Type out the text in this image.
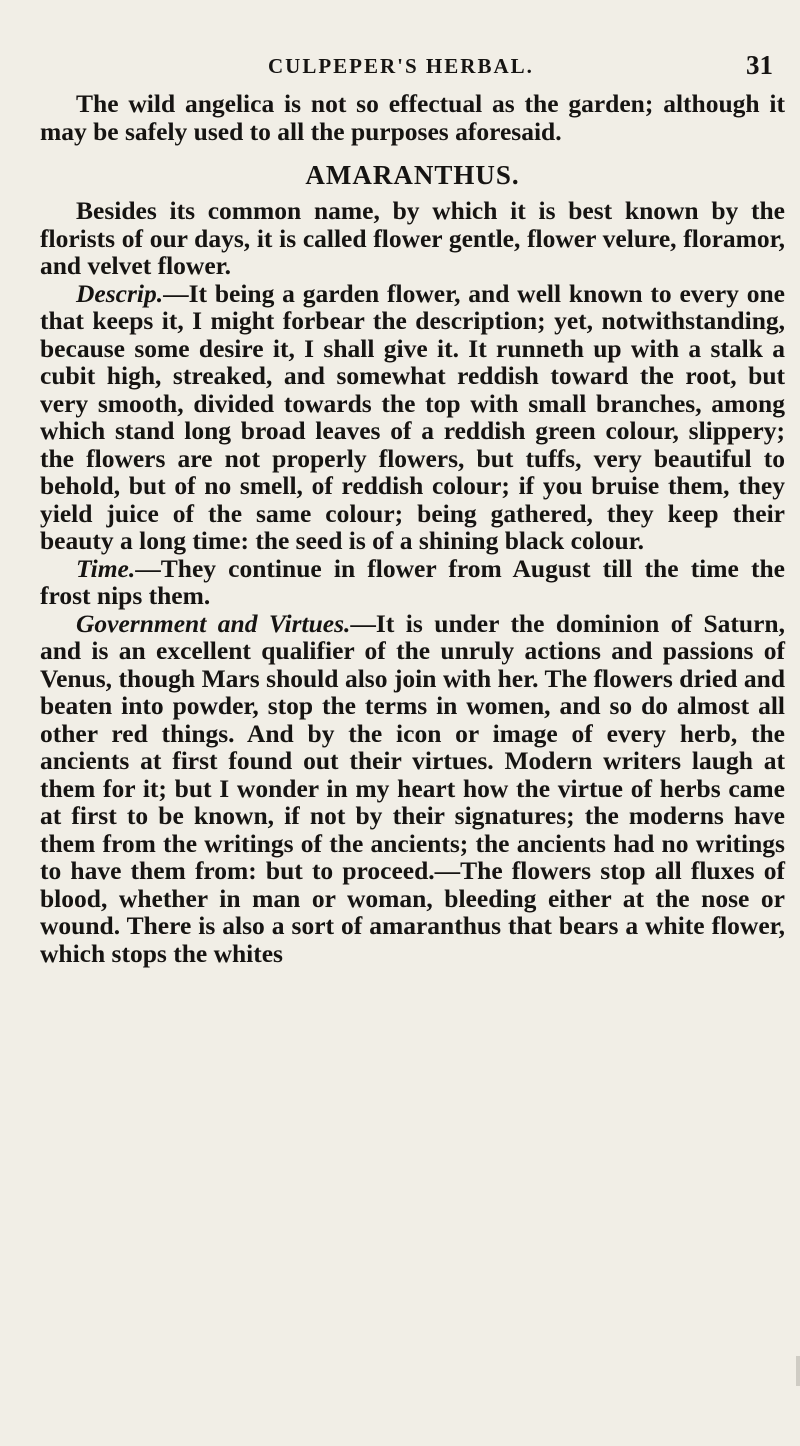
CULPEPER'S HERBAL.	31

The wild angelica is not so effectual as the garden; although it may be safely used to all the purposes aforesaid.

AMARANTHUS.

Besides its common name, by which it is best known by the florists of our days, it is called flower gentle, flower velure, floramor, and velvet flower.

Descrip.—It being a garden flower, and well known to every one that keeps it, I might forbear the description; yet, notwithstanding, because some desire it, I shall give it. It runneth up with a stalk a cubit high, streaked, and somewhat reddish toward the root, but very smooth, divided towards the top with small branches, among which stand long broad leaves of a reddish green colour, slippery; the flowers are not properly flowers, but tuffs, very beautiful to behold, but of no smell, of reddish colour; if you bruise them, they yield juice of the same colour; being gathered, they keep their beauty a long time: the seed is of a shining black colour.

Time.—They continue in flower from August till the time the frost nips them.

Government and Virtues.—It is under the dominion of Saturn, and is an excellent qualifier of the unruly actions and passions of Venus, though Mars should also join with her. The flowers dried and beaten into powder, stop the terms in women, and so do almost all other red things. And by the icon or image of every herb, the ancients at first found out their virtues. Modern writers laugh at them for it; but I wonder in my heart how the virtue of herbs came at first to be known, if not by their signatures; the moderns have them from the writings of the ancients; the ancients had no writings to have them from: but to proceed.—The flowers stop all fluxes of blood, whether in man or woman, bleeding either at the nose or wound. There is also a sort of amaranthus that bears a white flower, which stops the whites
